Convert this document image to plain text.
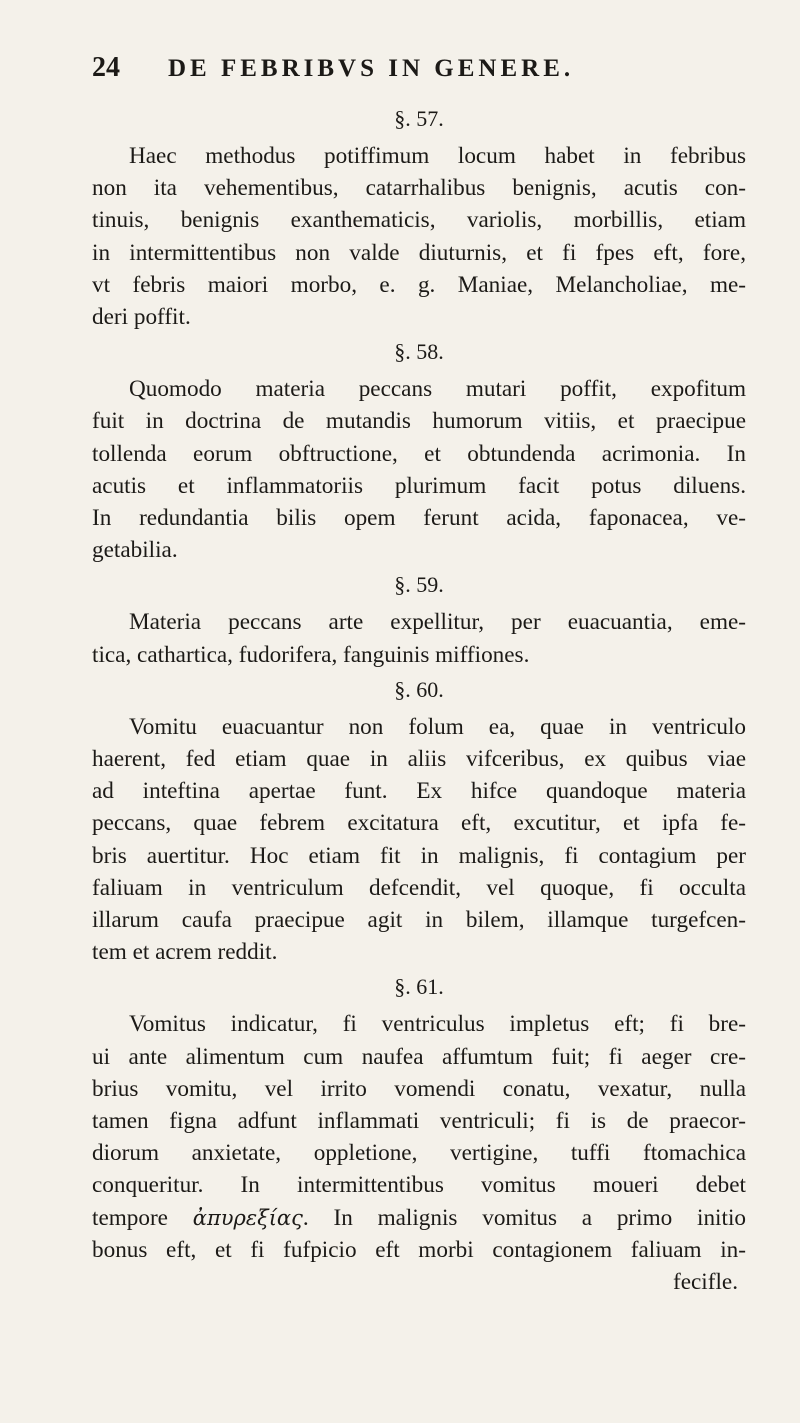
24	DE FEBRIBVS IN GENERE.
§. 57.

Haec methodus potiffimum locum habet in febribus
non ita vehementibus, catarrhalibus benignis, acutis con-
tinuis, benignis exanthematicis, variolis, morbillis, etiam
in intermittentibus non valde diuturnis, et fi fpes eft, fore,
vt febris maiori morbo, e. g. Maniae, Melancholiae, me-
deri poffit.

§. 58.

Quomodo materia peccans mutari poffit, expofitum
fuit in doctrina de mutandis humorum vitiis, et praecipue
tollenda eorum obftructione, et obtundenda acrimonia. In
acutis et inflammatoriis plurimum facit potus diluens.
In redundantia bilis opem ferunt acida, faponacea, ve-
getabilia.

§. 59.

Materia peccans arte expellitur, per euacuantia, eme-
tica, cathartica, fudorifera, fanguinis miffiones.

§. 60.

Vomitu euacuantur non folum ea, quae in ventriculo
haerent, fed etiam quae in aliis vifceribus, ex quibus viae
ad inteftina apertae funt. Ex hifce quandoque materia
peccans, quae febrem excitatura eft, excutitur, et ipfa fe-
bris auertitur. Hoc etiam fit in malignis, fi contagium per
faliuam in ventriculum defcendit, vel quoque, fi occulta
illarum caufa praecipue agit in bilem, illamque turgefcen-
tem et acrem reddit.

§. 61.

Vomitus indicatur, fi ventriculus impletus eft; fi bre-
ui ante alimentum cum naufea affumtum fuit; fi aeger cre-
brius vomitu, vel irrito vomendi conatu, vexatur, nulla
tamen figna adfunt inflammati ventriculi; fi is de praecor-
diorum anxietate, oppletione, vertigine, tuffi ftomachica
conqueritur. In intermittentibus vomitus moueri debet
tempore ἀπυρεξίας. In malignis vomitus a primo initio
bonus eft, et fi fufpicio eft morbi contagionem faliuam in-

fecifle.
